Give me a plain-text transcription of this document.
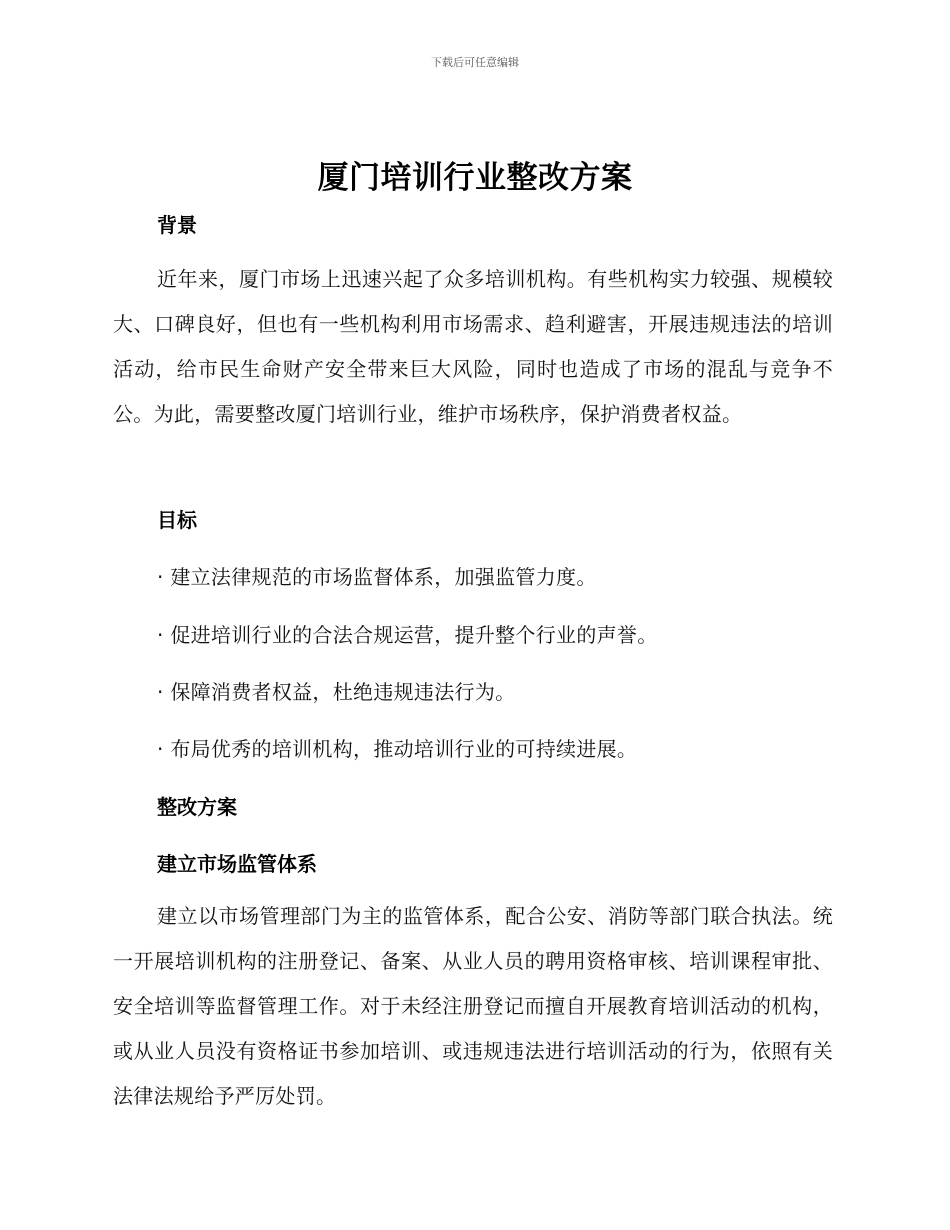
下载后可任意编辑
厦门培训行业整改方案
背景
近年来，厦门市场上迅速兴起了众多培训机构。有些机构实力较强、规模较大、口碑良好，但也有一些机构利用市场需求、趋利避害，开展违规违法的培训活动，给市民生命财产安全带来巨大风险，同时也造成了市场的混乱与竞争不公。为此，需要整改厦门培训行业，维护市场秩序，保护消费者权益。
目标
· 建立法律规范的市场监督体系，加强监管力度。
· 促进培训行业的合法合规运营，提升整个行业的声誉。
· 保障消费者权益，杜绝违规违法行为。
· 布局优秀的培训机构，推动培训行业的可持续进展。
整改方案
建立市场监管体系
建立以市场管理部门为主的监管体系，配合公安、消防等部门联合执法。统一开展培训机构的注册登记、备案、从业人员的聘用资格审核、培训课程审批、安全培训等监督管理工作。对于未经注册登记而擅自开展教育培训活动的机构，或从业人员没有资格证书参加培训、或违规违法进行培训活动的行为，依照有关法律法规给予严厉处罚。
